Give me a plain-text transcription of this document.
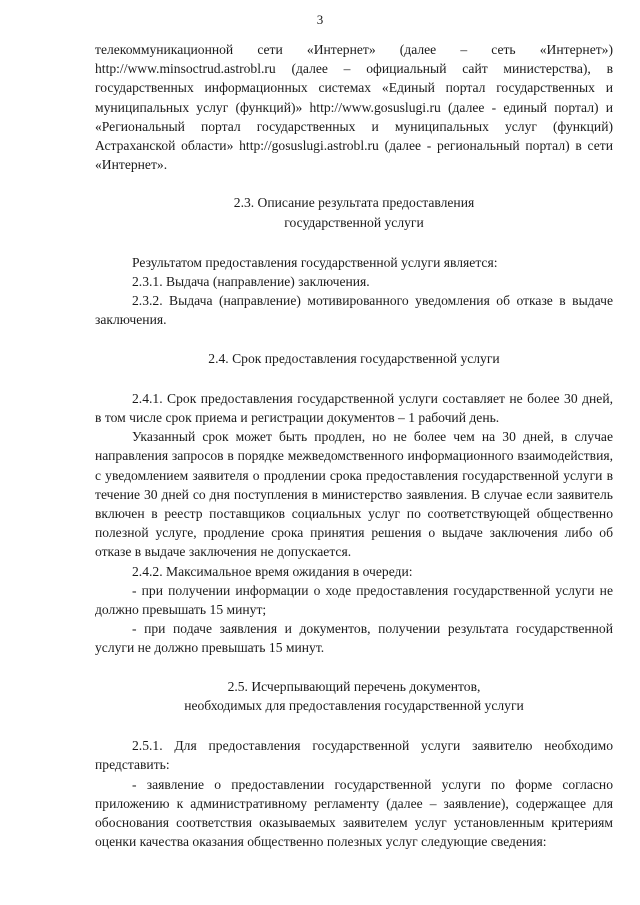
3

телекоммуникационной сети «Интернет» (далее – сеть «Интернет») http://www.minsoctrud.astrobl.ru (далее – официальный сайт министерства), в государственных информационных системах «Единый портал государственных и муниципальных услуг (функций)» http://www.gosuslugi.ru (далее - единый портал) и «Региональный портал государственных и муниципальных услуг (функций) Астраханской области» http://gosuslugi.astrobl.ru (далее - региональный портал) в сети «Интернет».

2.3. Описание результата предоставления
государственной услуги

Результатом предоставления государственной услуги является:

2.3.1. Выдача (направление) заключения.

2.3.2. Выдача (направление) мотивированного уведомления об отказе в выдаче заключения.

2.4. Срок предоставления государственной услуги

2.4.1. Срок предоставления государственной услуги составляет не более 30 дней, в том числе срок приема и регистрации документов – 1 рабочий день.

Указанный срок может быть продлен, но не более чем на 30 дней, в случае направления запросов в порядке межведомственного информационного взаимодействия, с уведомлением заявителя о продлении срока предоставления государственной услуги в течение 30 дней со дня поступления в министерство заявления. В случае если заявитель включен в реестр поставщиков социальных услуг по соответствующей общественно полезной услуге, продление срока принятия решения о выдаче заключения либо об отказе в выдаче заключения не допускается.

2.4.2. Максимальное время ожидания в очереди:

- при получении информации о ходе предоставления государственной услуги не должно превышать 15 минут;

- при подаче заявления и документов, получении результата государственной услуги не должно превышать 15 минут.

2.5. Исчерпывающий перечень документов,
необходимых для предоставления государственной услуги

2.5.1. Для предоставления государственной услуги заявителю необходимо представить:

- заявление о предоставлении государственной услуги по форме согласно приложению к административному регламенту (далее – заявление), содержащее для обоснования соответствия оказываемых заявителем услуг установленным критериям оценки качества оказания общественно полезных услуг следующие сведения:
